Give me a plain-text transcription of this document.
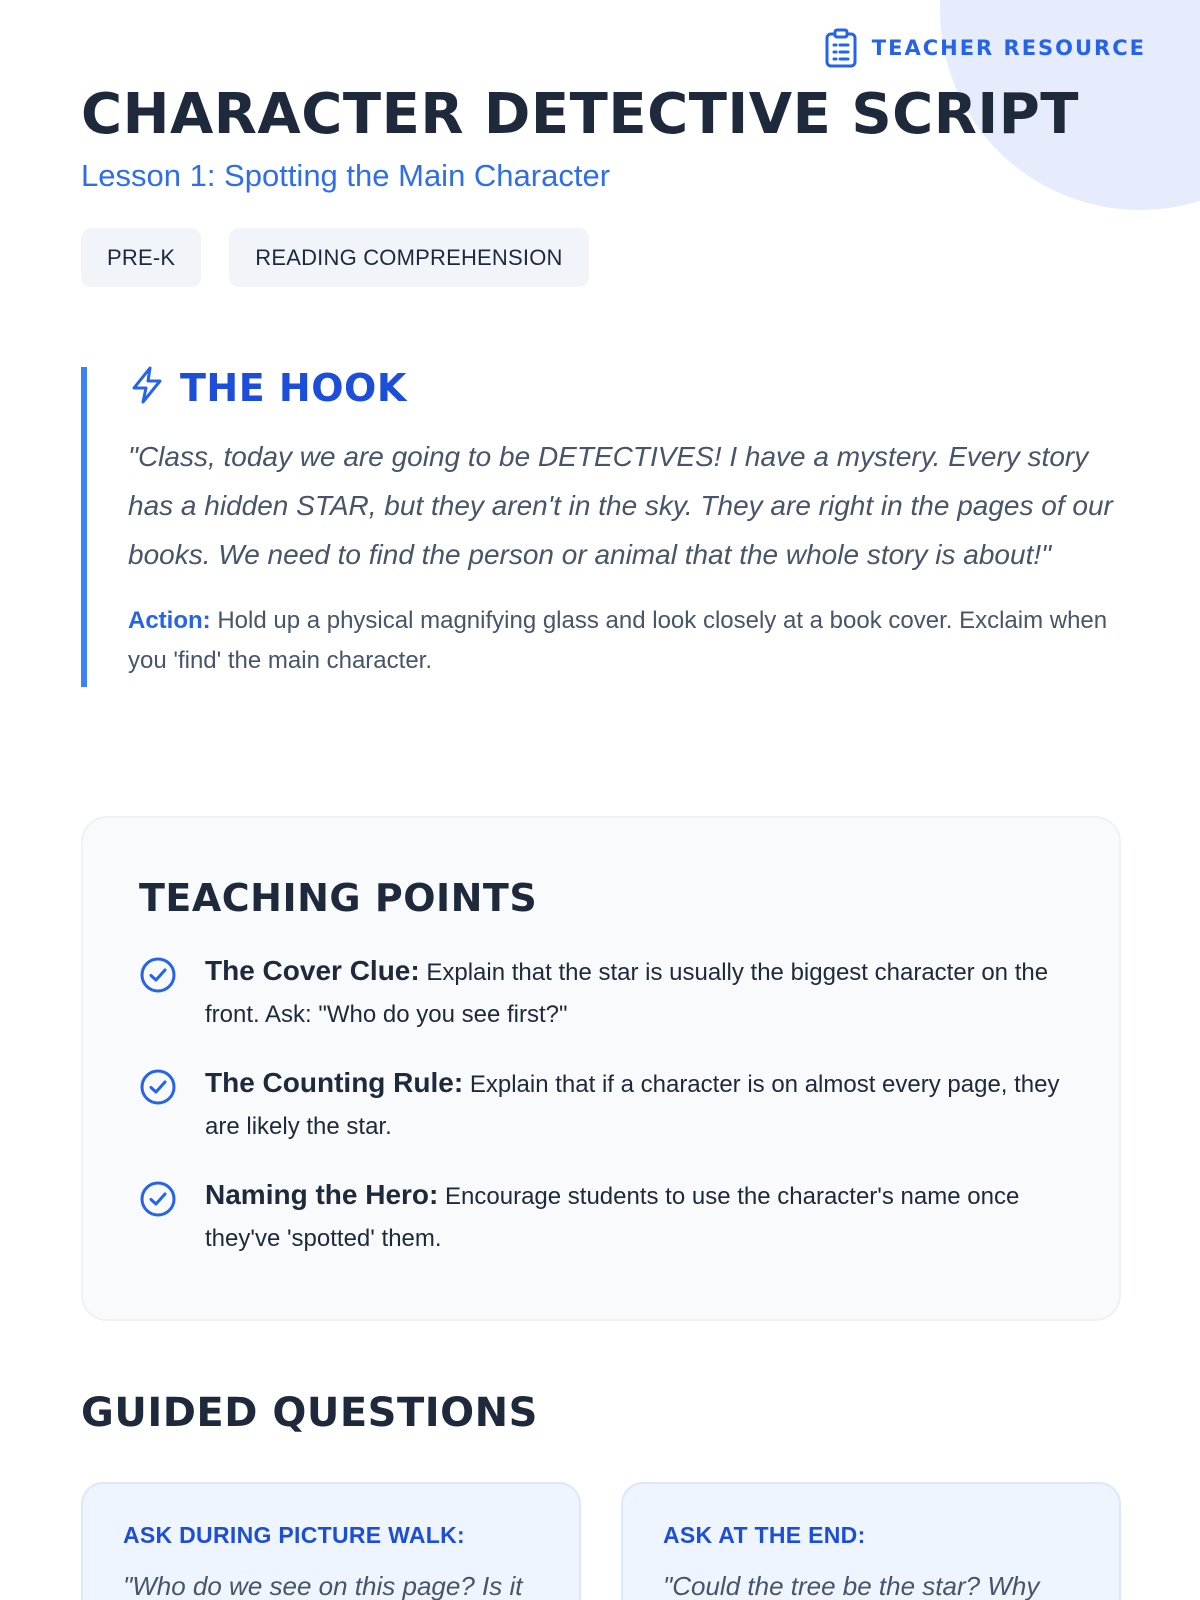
TEACHER RESOURCE
CHARACTER DETECTIVE SCRIPT
Lesson 1: Spotting the Main Character
PRE-K	READING COMPREHENSION
THE HOOK

"Class, today we are going to be DETECTIVES! I have a mystery. Every story has a hidden STAR, but they aren't in the sky. They are right in the pages of our books. We need to find the person or animal that the whole story is about!"

Action: Hold up a physical magnifying glass and look closely at a book cover. Exclaim when you 'find' the main character.

TEACHING POINTS

The Cover Clue: Explain that the star is usually the biggest character on the front. Ask: "Who do you see first?"

The Counting Rule: Explain that if a character is on almost every page, they are likely the star.

Naming the Hero: Encourage students to use the character's name once they've 'spotted' them.

GUIDED QUESTIONS
ASK DURING PICTURE WALK:
"Who do we see on this page? Is it
ASK AT THE END:
"Could the tree be the star? Why
